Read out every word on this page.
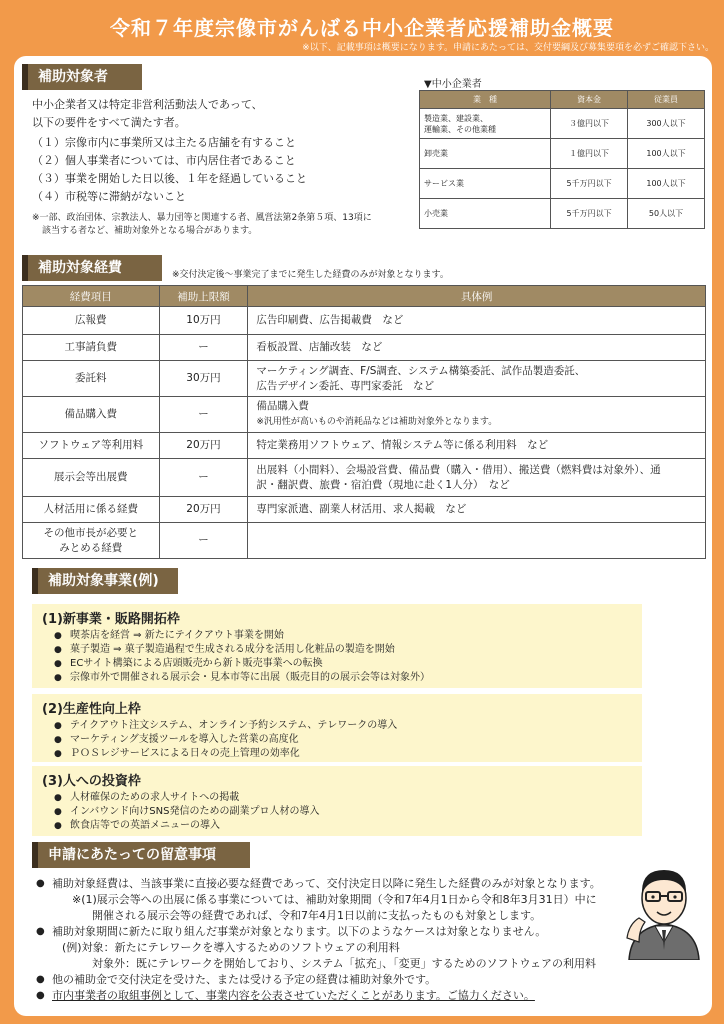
令和７年度宗像市がんばる中小企業者応援補助金概要
※以下、記載事項は概要になります。申請にあたっては、交付要綱及び募集要項を必ずご確認下さい。
補助対象者
中小企業者又は特定非営利活動法人であって、
以下の要件をすべて満たす者。
（１）宗像市内に事業所又は主たる店舗を有すること
（２）個人事業者については、市内居住者であること
（３）事業を開始した日以後、１年を経過していること
（４）市税等に滞納がないこと
※一部、政治団体、宗教法人、暴力団等と関連する者、風営法第2条第５項、13項に
該当する者など、補助対象外となる場合があります。
▼中小企業者
業　種	資本金	従業員
製造業、建設業、
運輸業、その他業種	３億円以下	300人以下
卸売業	１億円以下	100人以下
サービス業	5千万円以下	100人以下
小売業	5千万円以下	50人以下
補助対象経費	※交付決定後～事業完了までに発生した経費のみが対象となります。
経費項目	補助上限額	具体例
広報費	10万円	広告印刷費、広告掲載費　など
工事請負費	ー	看板設置、店舗改装　など
委託料	30万円	マーケティング調査、F/S調査、システム構築委託、試作品製造委託、
広告デザイン委託、専門家委託　など
備品購入費	ー	備品購入費
※汎用性が高いものや消耗品などは補助対象外となります。
ソフトウェア等利用料	20万円	特定業務用ソフトウェア、情報システム等に係る利用料　など
展示会等出展費	ー	出展料（小間料）、会場設営費、備品費（購入・借用）、搬送費（燃料費は対象外）、通
訳・翻訳費、旅費・宿泊費（現地に赴く1人分）　など
人材活用に係る経費	20万円	専門家派遣、副業人材活用、求人掲載　など
その他市長が必要と
みとめる経費	ー	
補助対象事業(例)
(1)新事業・販路開拓枠
● 喫茶店を経営 ⇒ 新たにテイクアウト事業を開始
● 菓子製造 ⇒ 菓子製造過程で生成される成分を活用し化粧品の製造を開始
● ECサイト構築による店頭販売から新ト販売事業への転換
● 宗像市外で開催される展示会・見本市等に出展（販売目的の展示会等は対象外）
(2)生産性向上枠
● テイクアウト注文システム、オンライン予約システム、テレワークの導入
● マーケティング支援ツールを導入した営業の高度化
● ＰＯＳレジサービスによる日々の売上管理の効率化
(3)人への投資枠
● 人材確保のための求人サイトへの掲載
● インバウンド向けSNS発信のための副業プロ人材の導入
● 飲食店等での英語メニューの導入
申請にあたっての留意事項
● 補助対象経費は、当該事業に直接必要な経費であって、交付決定日以降に発生した経費のみが対象となります。
※(1)展示会等への出展に係る事業については、補助対象期間（令和7年4月1日から令和8年3月31日）中に
開催される展示会等の経費であれば、令和7年4月1日以前に支払ったものも対象とします。
● 補助対象期間に新たに取り組んだ事業が対象となります。以下のようなケースは対象となりません。
(例)対象：新たにテレワークを導入するためのソフトウェアの利用料
対象外：既にテレワークを開始しており、システム「拡充」、「変更」するためのソフトウェアの利用料
● 他の補助金で交付決定を受けた、または受ける予定の経費は補助対象外です。
● 市内事業者の取組事例として、事業内容を公表させていただくことがあります。ご協力ください。
